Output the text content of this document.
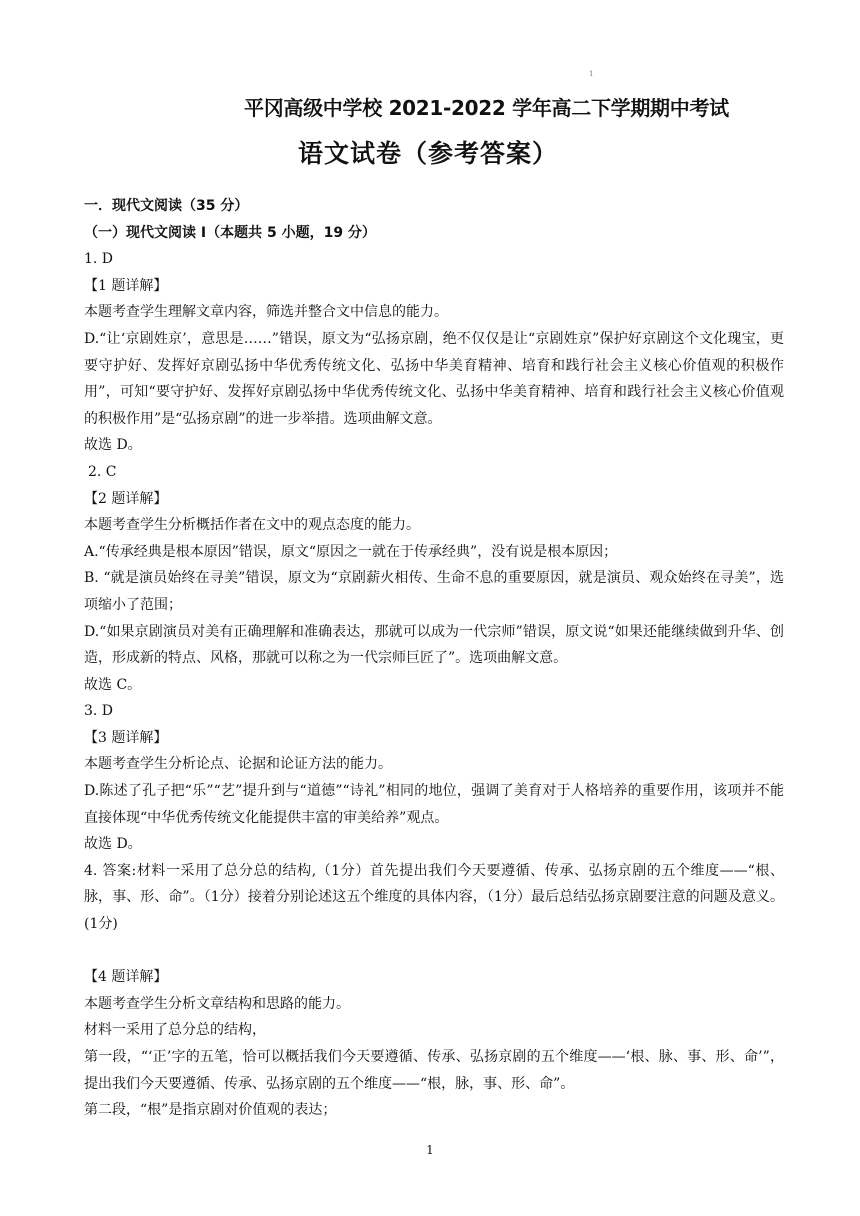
1
平冈高级中学校 2021-2022 学年高二下学期期中考试
语文试卷（参考答案）

一．现代文阅读（35 分）

（一）现代文阅读 I（本题共 5 小题，19 分）

1. D

【1 题详解】

本题考查学生理解文章内容，筛选并整合文中信息的能力。

D.“让‘京剧姓京’，意思是……”错误，原文为“弘扬京剧，绝不仅仅是让“京剧姓京”保护好京剧这个文化瑰宝，更要守护好、发挥好京剧弘扬中华优秀传统文化、弘扬中华美育精神、培育和践行社会主义核心价值观的积极作用”，可知“要守护好、发挥好京剧弘扬中华优秀传统文化、弘扬中华美育精神、培育和践行社会主义核心价值观的积极作用”是“弘扬京剧”的进一步举措。选项曲解文意。

故选 D。

2. C

【2 题详解】

本题考查学生分析概括作者在文中的观点态度的能力。

A.“传承经典是根本原因”错误，原文“原因之一就在于传承经典”，没有说是根本原因；

B. “就是演员始终在寻美”错误，原文为“京剧薪火相传、生命不息的重要原因，就是演员、观众始终在寻美”，选项缩小了范围；

D.“如果京剧演员对美有正确理解和准确表达，那就可以成为一代宗师”错误，原文说“如果还能继续做到升华、创造，形成新的特点、风格，那就可以称之为一代宗师巨匠了”。选项曲解文意。

故选 C。

3. D

【3 题详解】

本题考查学生分析论点、论据和论证方法的能力。

D.陈述了孔子把“乐”“艺”提升到与“道德”“诗礼”相同的地位，强调了美育对于人格培养的重要作用，该项并不能直接体现“中华优秀传统文化能提供丰富的审美给养”观点。

故选 D。

4. 答案:材料一采用了总分总的结构,（1分）首先提出我们今天要遵循、传承、弘扬京剧的五个维度——“根、脉，事、形、命”。（1分）接着分别论述这五个维度的具体内容，（1分）最后总结弘扬京剧要注意的问题及意义。(1分)

【4 题详解】

本题考查学生分析文章结构和思路的能力。

材料一采用了总分总的结构，

第一段，“‘正’字的五笔，恰可以概括我们今天要遵循、传承、弘扬京剧的五个维度——‘根、脉、事、形、命’”，提出我们今天要遵循、传承、弘扬京剧的五个维度——“根，脉，事、形、命”。

第二段，“根”是指京剧对价值观的表达；

1
